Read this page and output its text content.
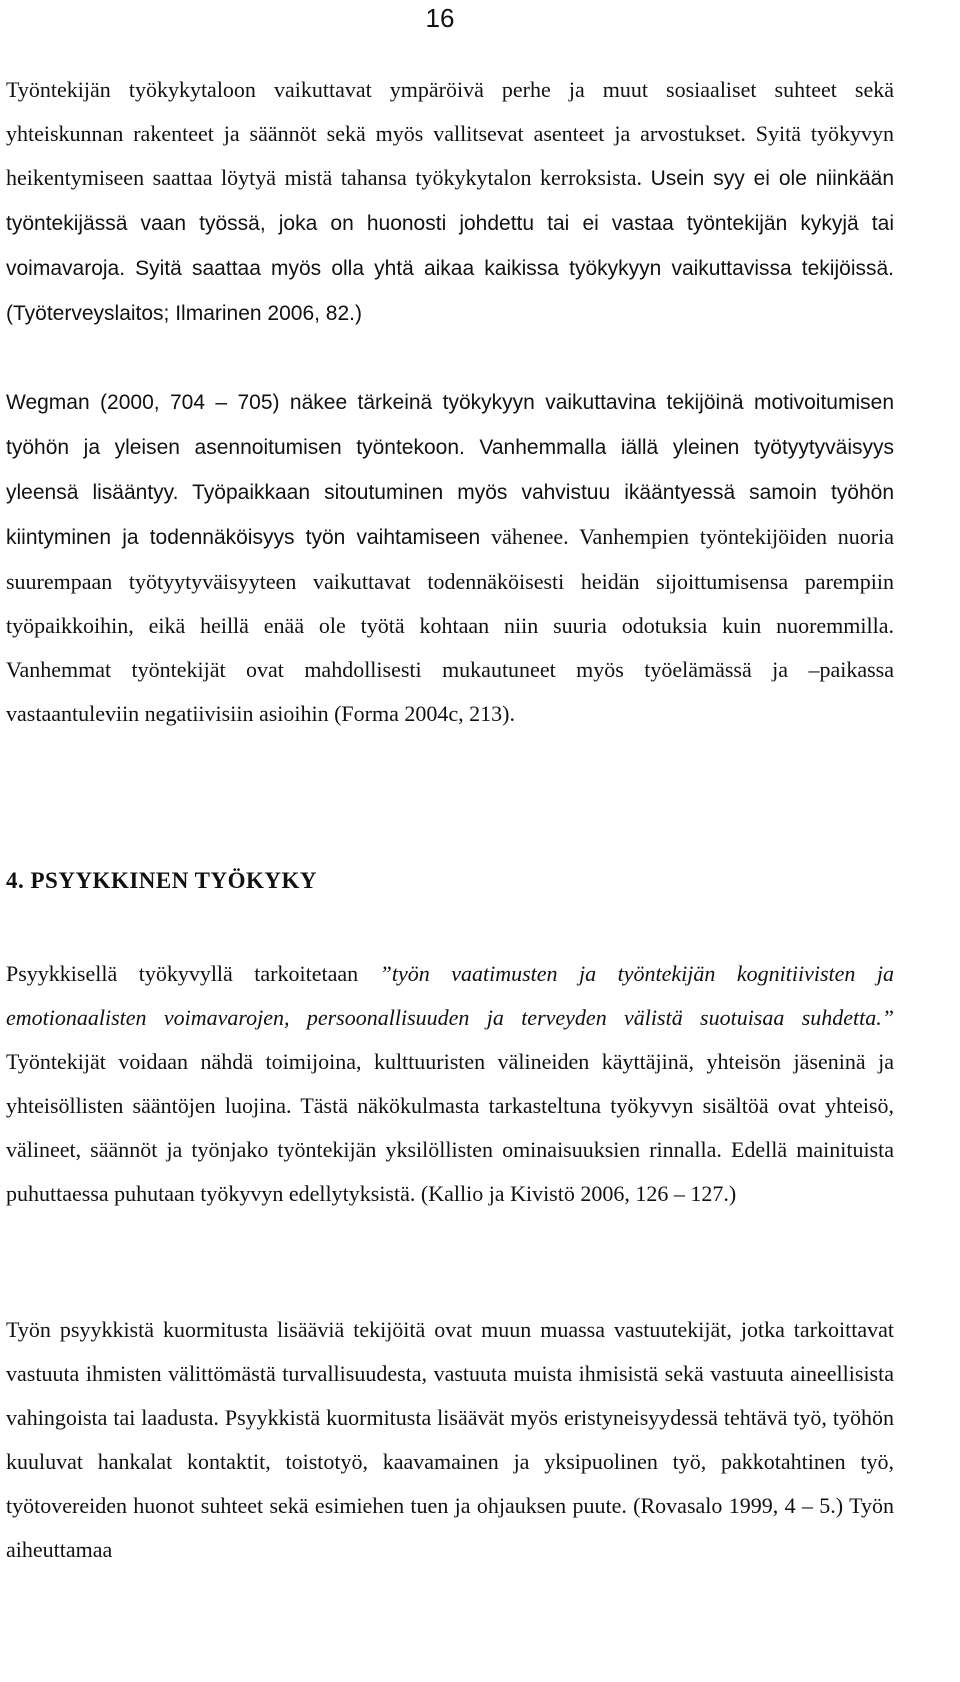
16
Työntekijän työkykytaloon vaikuttavat ympäröivä perhe ja muut sosiaaliset suhteet sekä yhteiskunnan rakenteet ja säännöt sekä myös vallitsevat asenteet ja arvostukset. Syitä työkyvyn heikentymiseen saattaa löytyä mistä tahansa työkykytalon kerroksista. Usein syy ei ole niinkään työntekijässä vaan työssä, joka on huonosti johdettu tai ei vastaa työntekijän kykyjä tai voimavaroja. Syitä saattaa myös olla yhtä aikaa kaikissa työkykyyn vaikuttavissa tekijöissä. (Työterveyslaitos; Ilmarinen 2006, 82.)
Wegman (2000, 704 – 705) näkee tärkeinä työkykyyn vaikuttavina tekijöinä motivoitumisen työhön ja yleisen asennoitumisen työntekoon. Vanhemmalla iällä yleinen työtyytyväisyys yleensä lisääntyy. Työpaikkaan sitoutuminen myös vahvistuu ikääntyessä samoin työhön kiintyminen ja todennäköisyys työn vaihtamiseen vähenee. Vanhempien työntekijöiden nuoria suurempaan työtyytyväisyyteen vaikuttavat todennäköisesti heidän sijoittumisensa parempiin työpaikkoihin, eikä heillä enää ole työtä kohtaan niin suuria odotuksia kuin nuoremmilla. Vanhemmat työntekijät ovat mahdollisesti mukautuneet myös työelämässä ja –paikassa vastaantuleviin negatiivisiin asioihin (Forma 2004c, 213).
4. PSYYKKINEN TYÖKYKY
Psyykkisellä työkyvyllä tarkoitetaan ”työn vaatimusten ja työntekijän kognitiivisten ja emotionaalisten voimavarojen, persoonallisuuden ja terveyden välistä suotuisaa suhdetta.” Työntekijät voidaan nähdä toimijoina, kulttuuristen välineiden käyttäjinä, yhteisön jäseninä ja yhteisöllisten sääntöjen luojina. Tästä näkökulmasta tarkasteltuna työkyvyn sisältöä ovat yhteisö, välineet, säännöt ja työnjako työntekijän yksilöllisten ominaisuuksien rinnalla. Edellä mainituista puhuttaessa puhutaan työkyvyn edellytyksistä. (Kallio ja Kivistö 2006, 126 – 127.)
Työn psyykkistä kuormitusta lisääviä tekijöitä ovat muun muassa vastuutekijät, jotka tarkoittavat vastuuta ihmisten välittömästä turvallisuudesta, vastuuta muista ihmisistä sekä vastuuta aineellisista vahingoista tai laadusta. Psyykkistä kuormitusta lisäävät myös eristyneisyydessä tehtävä työ, työhön kuuluvat hankalat kontaktit, toistotyö, kaavamainen ja yksipuolinen työ, pakkotahtinen työ, työtovereiden huonot suhteet sekä esimiehen tuen ja ohjauksen puute. (Rovasalo 1999, 4 – 5.) Työn aiheuttamaa
